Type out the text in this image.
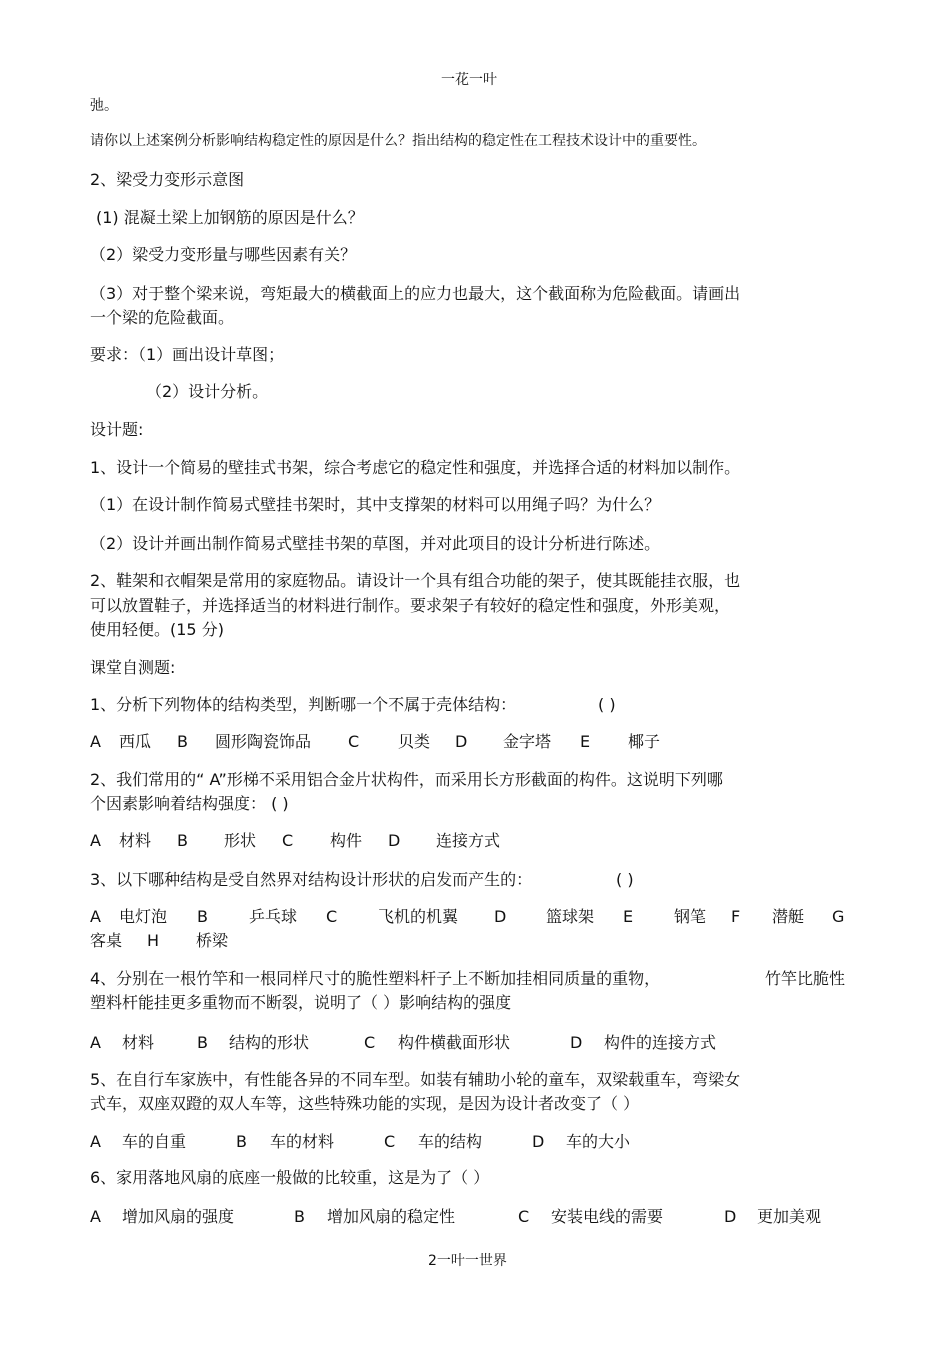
一花一叶
弛。
请你以上述案例分析影响结构稳定性的原因是什么？指出结构的稳定性在工程技术设计中的重要性。
2、梁受力变形示意图
(1) 混凝土梁上加钢筋的原因是什么？
（2）梁受力变形量与哪些因素有关？
（3）对于整个梁来说，弯矩最大的横截面上的应力也最大，这个截面称为危险截面。请画出
一个梁的危险截面。
要求：（1）画出设计草图；
（2）设计分析。
设计题:
1、设计一个简易的壁挂式书架，综合考虑它的稳定性和强度，并选择合适的材料加以制作。
（1）在设计制作简易式壁挂书架时，其中支撑架的材料可以用绳子吗？为什么？
（2）设计并画出制作简易式壁挂书架的草图，并对此项目的设计分析进行陈述。
2、鞋架和衣帽架是常用的家庭物品。请设计一个具有组合功能的架子，使其既能挂衣服，也
可以放置鞋子，并选择适当的材料进行制作。要求架子有较好的稳定性和强度，外形美观，
使用轻便。(15 分)
课堂自测题:
1、分析下列物体的结构类型，判断哪一个不属于壳体结构：	( )
A 西瓜 B 圆形陶瓷饰品 C 贝类 D 金字塔 E 椰子
2、我们常用的“ A”形梯不采用铝合金片状构件，而采用长方形截面的构件。这说明下列哪
个因素影响着结构强度： ( )
A 材料 B 形状 C 构件 D 连接方式
3、以下哪种结构是受自然界对结构设计形状的启发而产生的：	( )
A 电灯泡 B	乒乓球 C	飞机的机翼 D 篮球架 E	钢笔 F 潜艇 G
客桌 H 桥梁
4、分别在一根竹竿和一根同样尺寸的脆性塑料杆子上不断加挂相同质量的重物，	竹竿比脆性
塑料杆能挂更多重物而不断裂，说明了（ ）影响结构的强度
A 材料	B 结构的形状	C 构件横截面形状	D 构件的连接方式
5、在自行车家族中，有性能各异的不同车型。如装有辅助小轮的童车，双梁载重车，弯梁女
式车，双座双蹬的双人车等，这些特殊功能的实现，是因为设计者改变了（ ）
A 车的自重	B 车的材料	C 车的结构	D 车的大小
6、家用落地风扇的底座一般做的比较重，这是为了（ ）
A 增加风扇的强度	B 增加风扇的稳定性	C 安装电线的需要	D 更加美观
2一叶一世界
